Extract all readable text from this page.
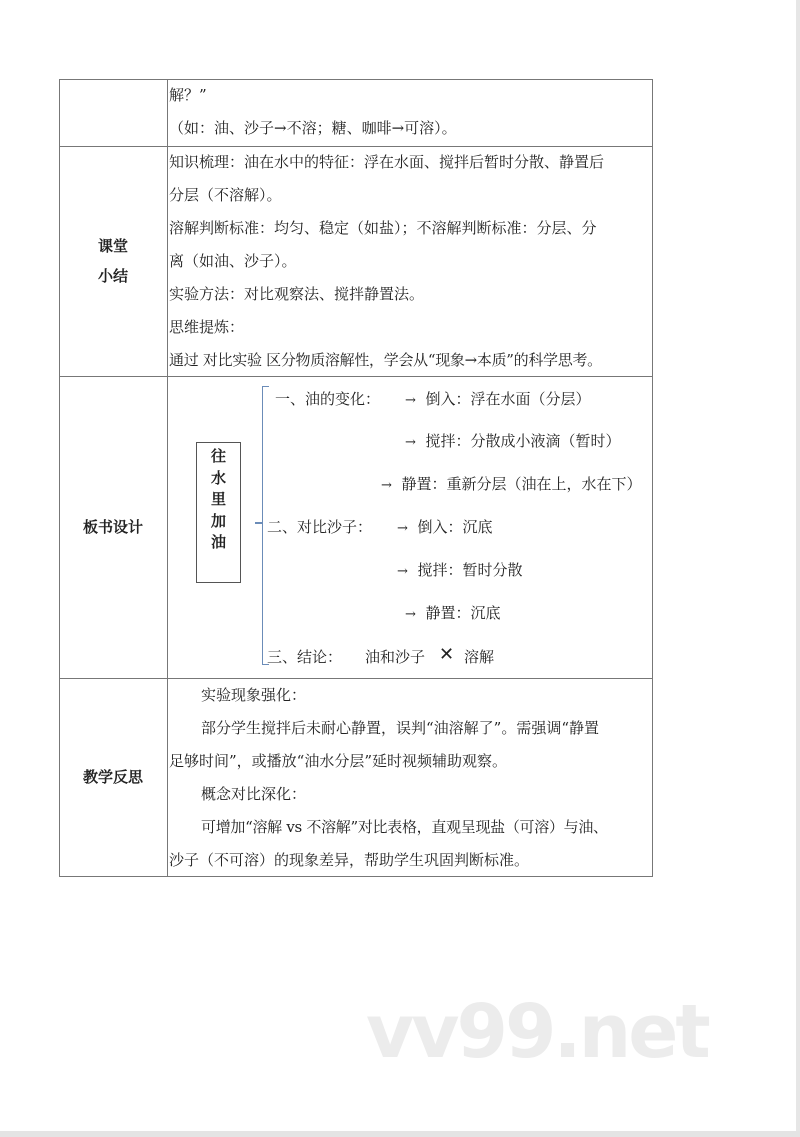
解？”
（如：油、沙子→不溶；糖、咖啡→可溶）。
课堂
小结
知识梳理：油在水中的特征：浮在水面、搅拌后暂时分散、静置后
分层（不溶解）。
溶解判断标准：均匀、稳定（如盐）；不溶解判断标准：分层、分
离（如油、沙子）。
实验方法：对比观察法、搅拌静置法。
思维提炼：
通过 对比实验 区分物质溶解性，学会从“现象→本质”的科学思考。
板书设计
往
水
里
加
油
一、油的变化： → 倒入：浮在水面（分层）
→ 搅拌：分散成小液滴（暂时）
→ 静置：重新分层（油在上，水在下）
二、对比沙子： → 倒入：沉底
→ 搅拌：暂时分散
→ 静置：沉底
三、结论： 油和沙子 ✕ 溶解
教学反思
实验现象强化：
部分学生搅拌后未耐心静置，误判“油溶解了”。需强调“静置
足够时间”，或播放“油水分层”延时视频辅助观察。
概念对比深化：
可增加“溶解 vs 不溶解”对比表格，直观呈现盐（可溶）与油、
沙子（不可溶）的现象差异，帮助学生巩固判断标准。
vv99.net
